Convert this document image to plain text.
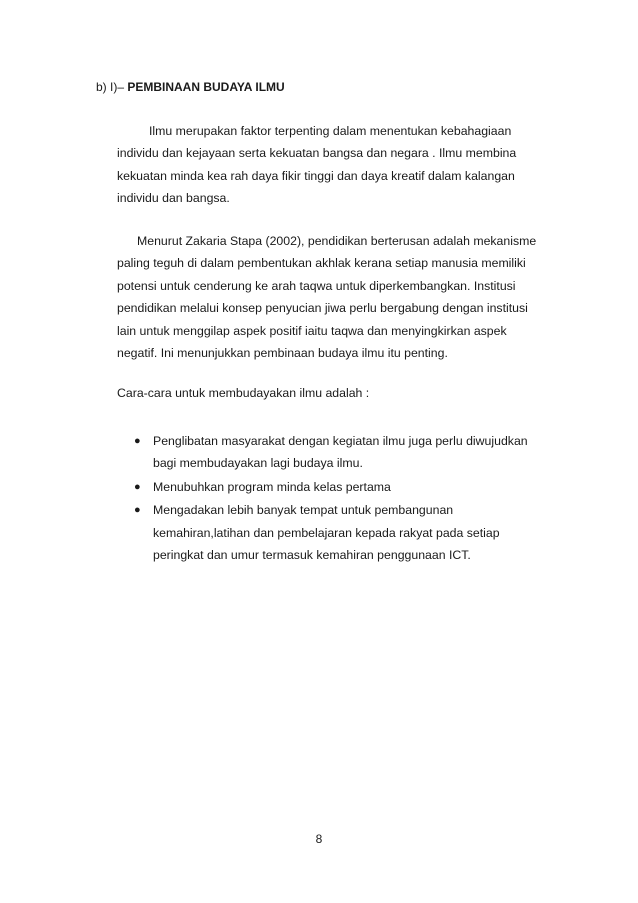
b) I)– PEMBINAAN BUDAYA ILMU

Ilmu merupakan faktor terpenting dalam menentukan kebahagiaan
individu dan kejayaan serta kekuatan bangsa dan negara . Ilmu membina
kekuatan minda kea rah daya fikir tinggi dan daya kreatif dalam kalangan
individu dan bangsa.

Menurut Zakaria Stapa (2002), pendidikan berterusan adalah mekanisme
paling teguh di dalam pembentukan akhlak kerana setiap manusia memiliki
potensi untuk cenderung ke arah taqwa untuk diperkembangkan. Institusi
pendidikan melalui konsep penyucian jiwa perlu bergabung dengan institusi
lain untuk menggilap aspek positif iaitu taqwa dan menyingkirkan aspek
negatif. Ini menunjukkan pembinaan budaya ilmu itu penting.

Cara-cara untuk membudayakan ilmu adalah :
● Penglibatan masyarakat dengan kegiatan ilmu juga perlu diwujudkan
bagi membudayakan lagi budaya ilmu.
● Menubuhkan program minda kelas pertama
● Mengadakan lebih banyak tempat untuk pembangunan
kemahiran,latihan dan pembelajaran kepada rakyat pada setiap
peringkat dan umur termasuk kemahiran penggunaan ICT.
8
